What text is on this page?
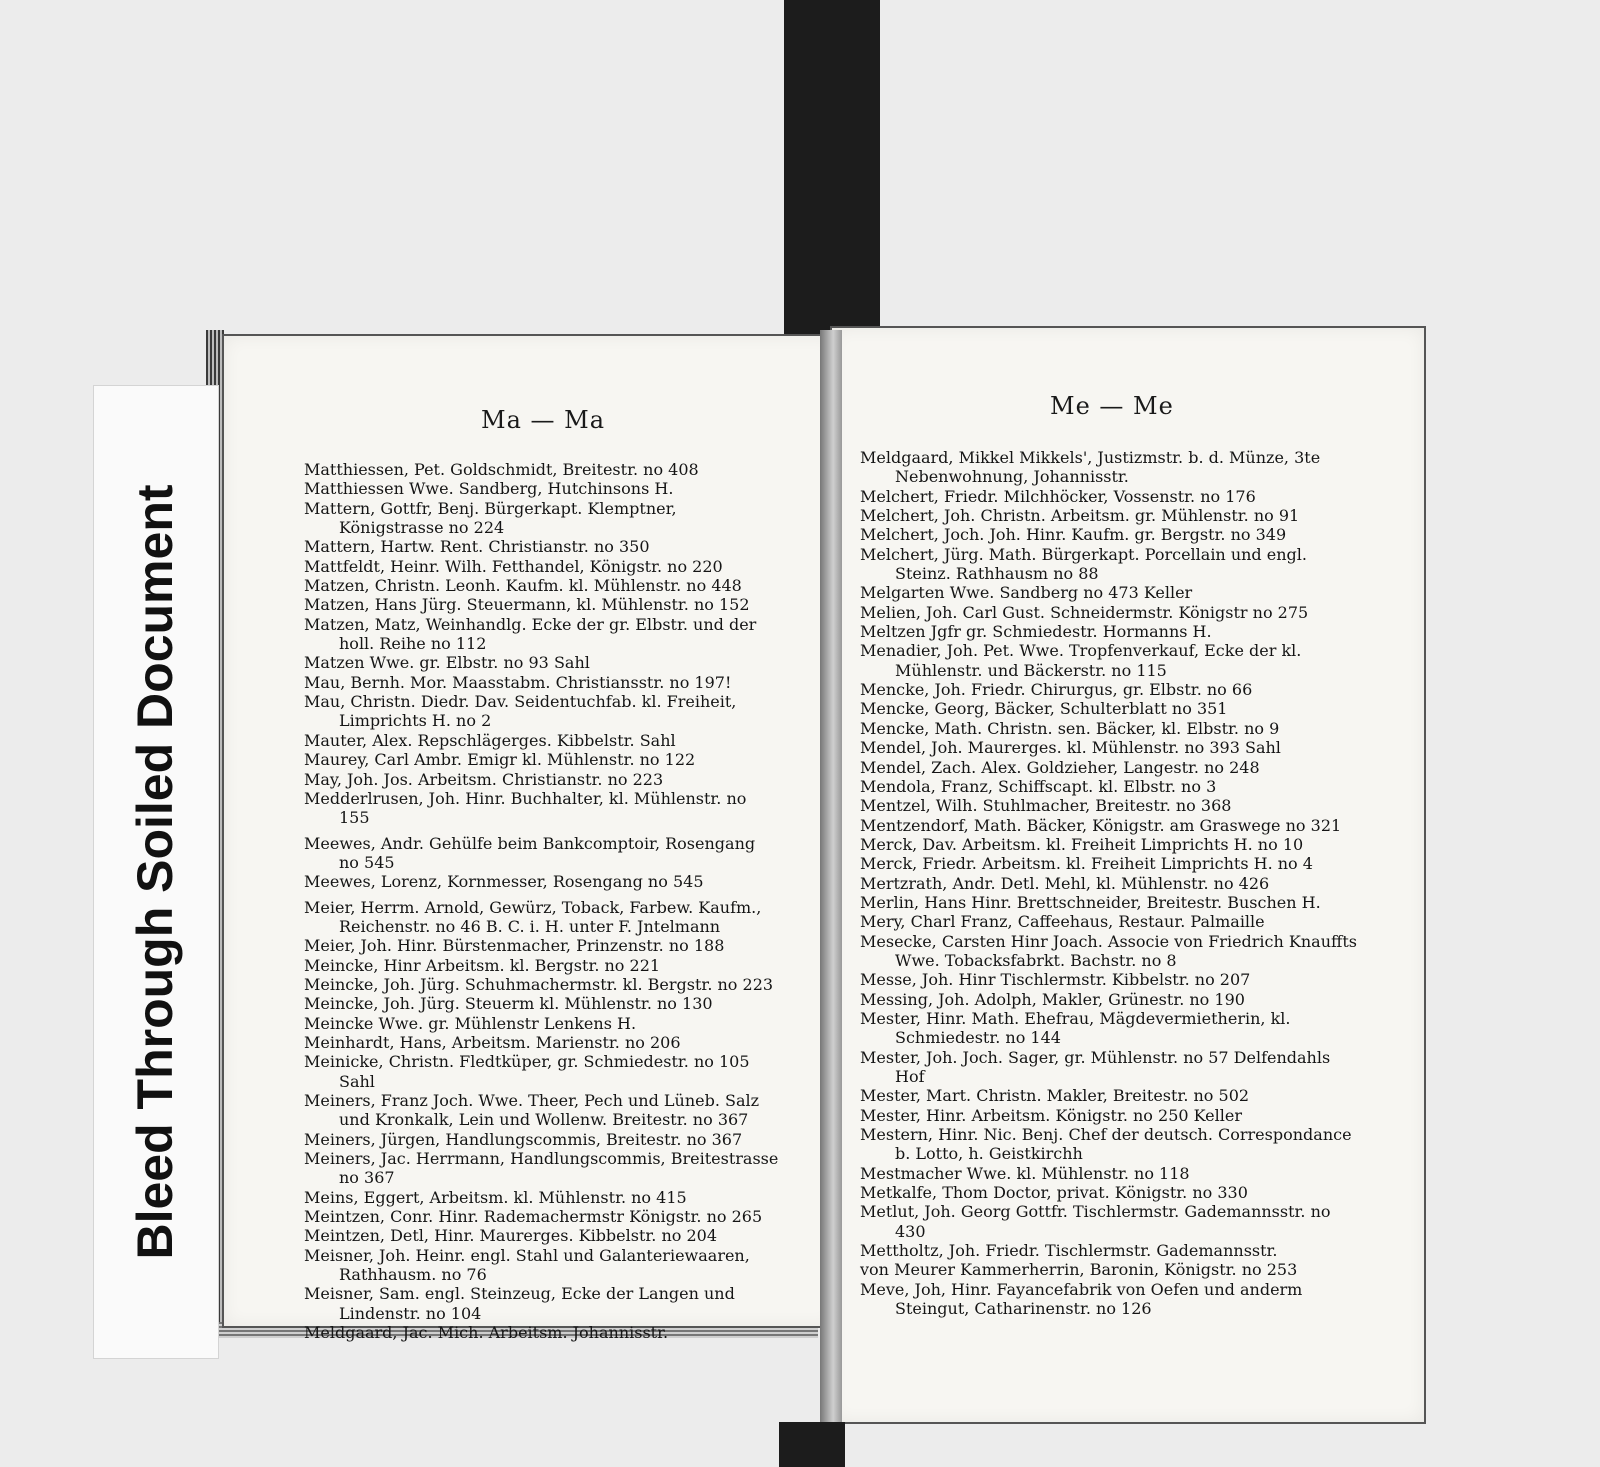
Ma — Ma

Matthiessen, Pet. Goldschmidt, Breitestr. no 408

Matthiessen Wwe. Sandberg, Hutchinsons H.

Mattern, Gottfr, Benj. Bürgerkapt. Klemptner, Königstrasse no 224

Mattern, Hartw. Rent. Christianstr. no 350

Mattfeldt, Heinr. Wilh. Fetthandel, Königstr. no 220

Matzen, Christn. Leonh. Kaufm. kl. Mühlenstr. no 448

Matzen, Hans Jürg. Steuermann, kl. Mühlenstr. no 152

Matzen, Matz, Weinhandlg. Ecke der gr. Elbstr. und der holl. Reihe no 112

Matzen Wwe. gr. Elbstr. no 93 Sahl

Mau, Bernh. Mor. Maasstabm. Christiansstr. no 197!

Mau, Christn. Diedr. Dav. Seidentuchfab. kl. Freiheit, Limprichts H. no 2

Mauter, Alex. Repschlägerges. Kibbelstr. Sahl

Maurey, Carl Ambr. Emigr kl. Mühlenstr. no 122

May, Joh. Jos. Arbeitsm. Christianstr. no 223

Medderlrusen, Joh. Hinr. Buchhalter, kl. Mühlenstr. no 155

Meewes, Andr. Gehülfe beim Bankcomptoir, Rosengang no 545

Meewes, Lorenz, Kornmesser, Rosengang no 545

Meier, Herrm. Arnold, Gewürz, Toback, Farbew. Kaufm., Reichenstr. no 46 B. C. i. H. unter F. Jntelmann

Meier, Joh. Hinr. Bürstenmacher, Prinzenstr. no 188

Meincke, Hinr Arbeitsm. kl. Bergstr. no 221

Meincke, Joh. Jürg. Schuhmachermstr. kl. Bergstr. no 223

Meincke, Joh. Jürg. Steuerm kl. Mühlenstr. no 130

Meincke Wwe. gr. Mühlenstr Lenkens H.

Meinhardt, Hans, Arbeitsm. Marienstr. no 206

Meinicke, Christn. Fledtküper, gr. Schmiedestr. no 105 Sahl

Meiners, Franz Joch. Wwe. Theer, Pech und Lüneb. Salz und Kronkalk, Lein und Wollenw. Breitestr. no 367

Meiners, Jürgen, Handlungscommis, Breitestr. no 367

Meiners, Jac. Herrmann, Handlungscommis, Breitestrasse no 367

Meins, Eggert, Arbeitsm. kl. Mühlenstr. no 415

Meintzen, Conr. Hinr. Rademachermstr Königstr. no 265

Meintzen, Detl, Hinr. Maurerges. Kibbelstr. no 204

Meisner, Joh. Heinr. engl. Stahl und Galanteriewaaren, Rathhausm. no 76

Meisner, Sam. engl. Steinzeug, Ecke der Langen und Lindenstr. no 104

Meldgaard, Jac. Mich. Arbeitsm. Johannisstr.

Me — Me

Meldgaard, Mikkel Mikkels', Justizmstr. b. d. Münze, 3te Nebenwohnung, Johannisstr.

Melchert, Friedr. Milchhöcker, Vossenstr. no 176

Melchert, Joh. Christn. Arbeitsm. gr. Mühlenstr. no 91

Melchert, Joch. Joh. Hinr. Kaufm. gr. Bergstr. no 349

Melchert, Jürg. Math. Bürgerkapt. Porcellain und engl. Steinz. Rathhausm no 88

Melgarten Wwe. Sandberg no 473 Keller

Melien, Joh. Carl Gust. Schneidermstr. Königstr no 275

Meltzen Jgfr gr. Schmiedestr. Hormanns H.

Menadier, Joh. Pet. Wwe. Tropfenverkauf, Ecke der kl. Mühlenstr. und Bäckerstr. no 115

Mencke, Joh. Friedr. Chirurgus, gr. Elbstr. no 66

Mencke, Georg, Bäcker, Schulterblatt no 351

Mencke, Math. Christn. sen. Bäcker, kl. Elbstr. no 9

Mendel, Joh. Maurerges. kl. Mühlenstr. no 393 Sahl

Mendel, Zach. Alex. Goldzieher, Langestr. no 248

Mendola, Franz, Schiffscapt. kl. Elbstr. no 3

Mentzel, Wilh. Stuhlmacher, Breitestr. no 368

Mentzendorf, Math. Bäcker, Königstr. am Graswege no 321

Merck, Dav. Arbeitsm. kl. Freiheit Limprichts H. no 10

Merck, Friedr. Arbeitsm. kl. Freiheit Limprichts H. no 4

Mertzrath, Andr. Detl. Mehl, kl. Mühlenstr. no 426

Merlin, Hans Hinr. Brettschneider, Breitestr. Buschen H.

Mery, Charl Franz, Caffeehaus, Restaur. Palmaille

Mesecke, Carsten Hinr Joach. Associe von Friedrich Knauffts Wwe. Tobacksfabrkt. Bachstr. no 8

Messe, Joh. Hinr Tischlermstr. Kibbelstr. no 207

Messing, Joh. Adolph, Makler, Grünestr. no 190

Mester, Hinr. Math. Ehefrau, Mägdevermietherin, kl. Schmiedestr. no 144

Mester, Joh. Joch. Sager, gr. Mühlenstr. no 57 Delfendahls Hof

Mester, Mart. Christn. Makler, Breitestr. no 502

Mester, Hinr. Arbeitsm. Königstr. no 250 Keller

Mestern, Hinr. Nic. Benj. Chef der deutsch. Correspondance b. Lotto, h. Geistkirchh

Mestmacher Wwe. kl. Mühlenstr. no 118

Metkalfe, Thom Doctor, privat. Königstr. no 330

Metlut, Joh. Georg Gottfr. Tischlermstr. Gademannsstr. no 430

Mettholtz, Joh. Friedr. Tischlermstr. Gademannsstr.

von Meurer Kammerherrin, Baronin, Königstr. no 253

Meve, Joh, Hinr. Fayancefabrik von Oefen und anderm Steingut, Catharinenstr. no 126

Bleed Through Soiled Document
